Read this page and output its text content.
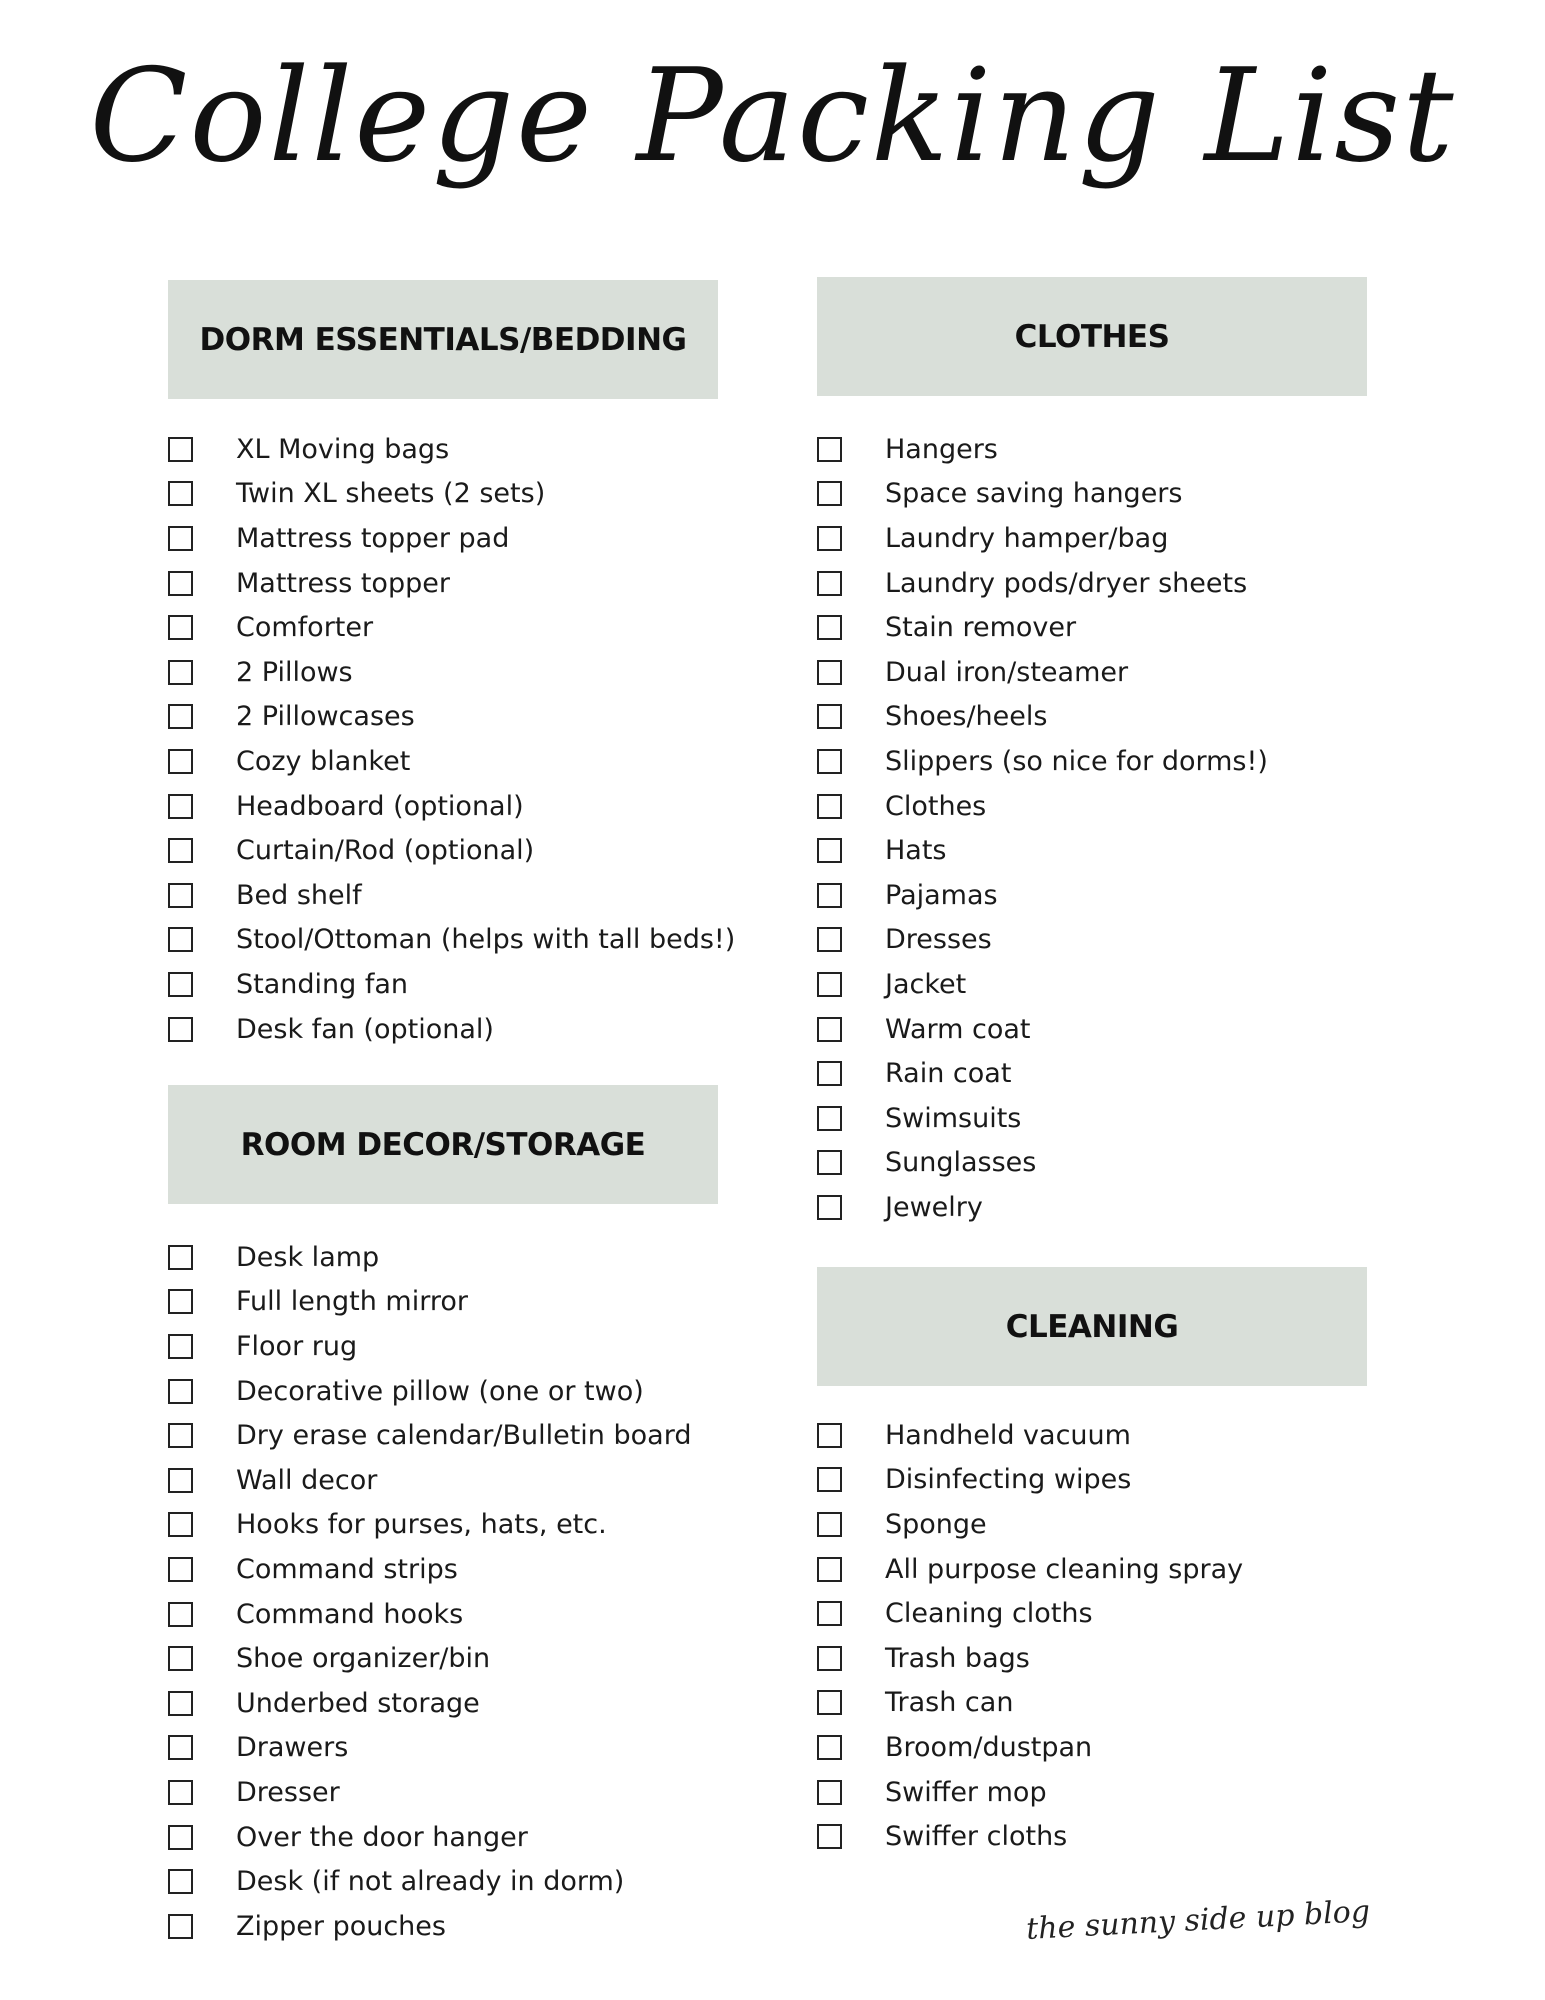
College Packing List
DORM ESSENTIALS/BEDDING
XL Moving bags
Twin XL sheets (2 sets)
Mattress topper pad
Mattress topper
Comforter
2 Pillows
2 Pillowcases
Cozy blanket
Headboard (optional)
Curtain/Rod (optional)
Bed shelf
Stool/Ottoman (helps with tall beds!)
Standing fan
Desk fan (optional)
ROOM DECOR/STORAGE
Desk lamp
Full length mirror
Floor rug
Decorative pillow (one or two)
Dry erase calendar/Bulletin board
Wall decor
Hooks for purses, hats, etc.
Command strips
Command hooks
Shoe organizer/bin
Underbed storage
Drawers
Dresser
Over the door hanger
Desk (if not already in dorm)
Zipper pouches
CLOTHES
Hangers
Space saving hangers
Laundry hamper/bag
Laundry pods/dryer sheets
Stain remover
Dual iron/steamer
Shoes/heels
Slippers (so nice for dorms!)
Clothes
Hats
Pajamas
Dresses
Jacket
Warm coat
Rain coat
Swimsuits
Sunglasses
Jewelry
CLEANING
Handheld vacuum
Disinfecting wipes
Sponge
All purpose cleaning spray
Cleaning cloths
Trash bags
Trash can
Broom/dustpan
Swiffer mop
Swiffer cloths
the sunny side up blog
